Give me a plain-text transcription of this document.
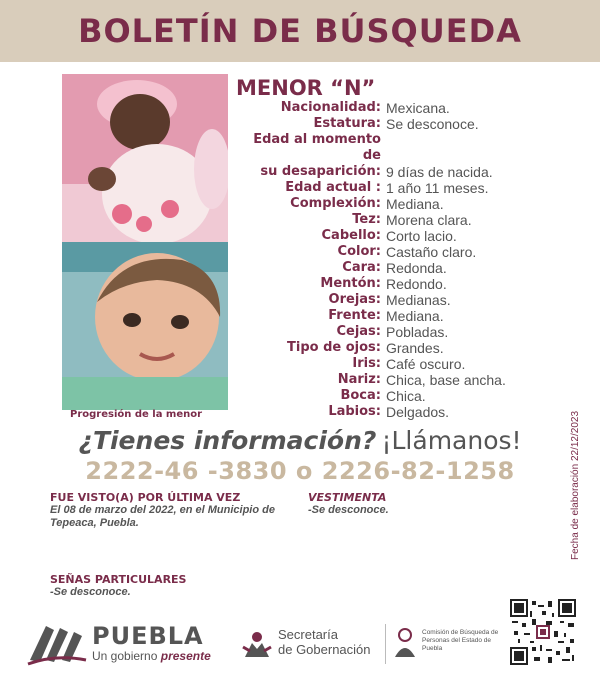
BOLETÍN DE BÚSQUEDA
Progresión de la menor
MENOR “N”
Nacionalidad: Mexicana.
Estatura: Se desconoce.
Edad al momento de
su desaparición: 9 días de nacida.
Edad actual : 1 año 11 meses.
Complexión: Mediana.
Tez: Morena clara.
Cabello: Corto lacio.
Color: Castaño claro.
Cara: Redonda.
Mentón: Redondo.
Orejas: Medianas.
Frente: Mediana.
Cejas: Pobladas.
Tipo de ojos: Grandes.
Iris: Café oscuro.
Nariz: Chica, base ancha.
Boca: Chica.
Labios: Delgados.
¿Tienes información? ¡Llámanos!
2222-46 -3830 o 2226-82-1258
FUE VISTO(A) POR ÚLTIMA VEZ
El 08 de marzo del 2022, en el Municipio de Tepeaca, Puebla.
VESTIMENTA
-Se desconoce.
SEÑAS PARTICULARES
-Se desconoce.
Fecha de elaboración 22/12/2023
PUEBLA
Un gobierno presente
Secretaría
de Gobernación
Comisión de Búsqueda de Personas del Estado de Puebla
